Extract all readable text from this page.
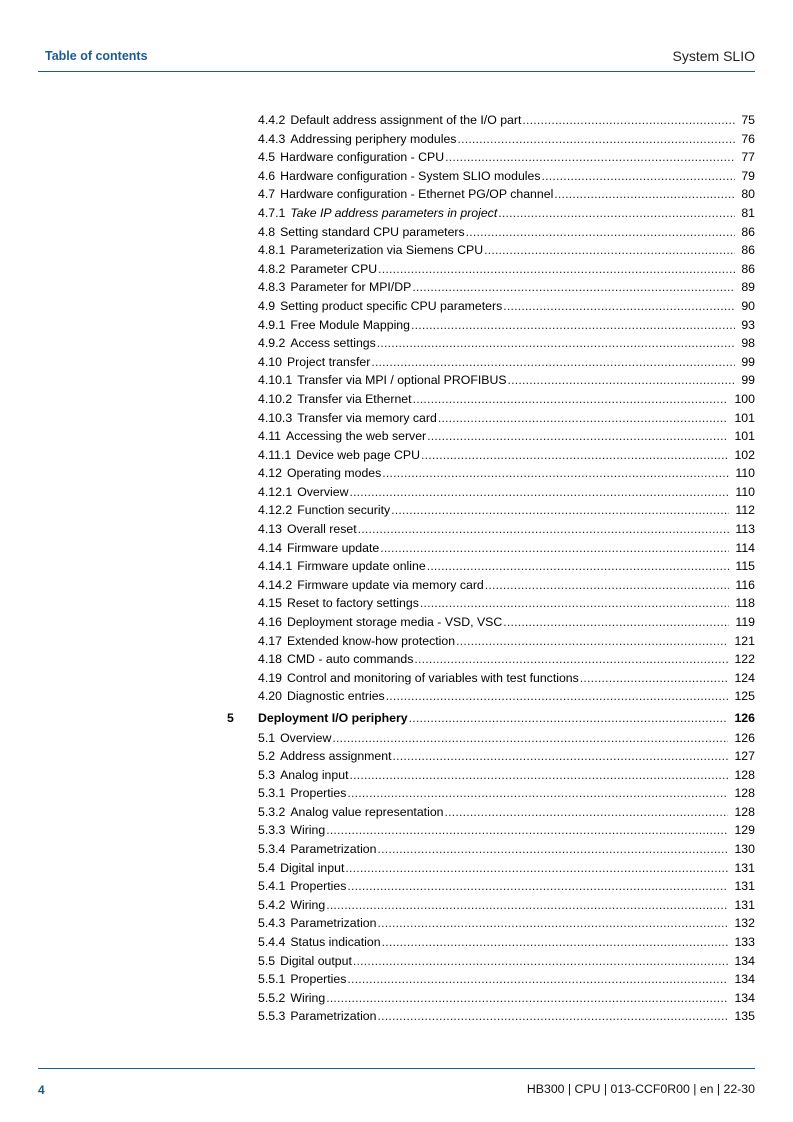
Table of contents	System SLIO
4.4.2 Default address assignment of the I/O part .....	75
4.4.3 Addressing periphery modules .....	76
4.5 Hardware configuration - CPU .....	77
4.6 Hardware configuration - System SLIO modules .....	79
4.7 Hardware configuration - Ethernet PG/OP channel .....	80
4.7.1 Take IP address parameters in project .....	81
4.8 Setting standard CPU parameters .....	86
4.8.1 Parameterization via Siemens CPU .....	86
4.8.2 Parameter CPU .....	86
4.8.3 Parameter for MPI/DP .....	89
4.9 Setting product specific CPU parameters .....	90
4.9.1 Free Module Mapping .....	93
4.9.2 Access settings .....	98
4.10 Project transfer .....	99
4.10.1 Transfer via MPI / optional PROFIBUS .....	99
4.10.2 Transfer via Ethernet .....	100
4.10.3 Transfer via memory card .....	101
4.11 Accessing the web server .....	101
4.11.1 Device web page CPU .....	102
4.12 Operating modes .....	110
4.12.1 Overview .....	110
4.12.2 Function security .....	112
4.13 Overall reset .....	113
4.14 Firmware update .....	114
4.14.1 Firmware update online .....	115
4.14.2 Firmware update via memory card .....	116
4.15 Reset to factory settings .....	118
4.16 Deployment storage media - VSD, VSC .....	119
4.17 Extended know-how protection .....	121
4.18 CMD - auto commands .....	122
4.19 Control and monitoring of variables with test functions .....	124
4.20 Diagnostic entries .....	125
5 Deployment I/O periphery .....	126
5.1 Overview .....	126
5.2 Address assignment .....	127
5.3 Analog input .....	128
5.3.1 Properties .....	128
5.3.2 Analog value representation .....	128
5.3.3 Wiring .....	129
5.3.4 Parametrization .....	130
5.4 Digital input .....	131
5.4.1 Properties .....	131
5.4.2 Wiring .....	131
5.4.3 Parametrization .....	132
5.4.4 Status indication .....	133
5.5 Digital output .....	134
5.5.1 Properties .....	134
5.5.2 Wiring .....	134
5.5.3 Parametrization .....	135
4	HB300 | CPU | 013-CCF0R00 | en | 22-30
